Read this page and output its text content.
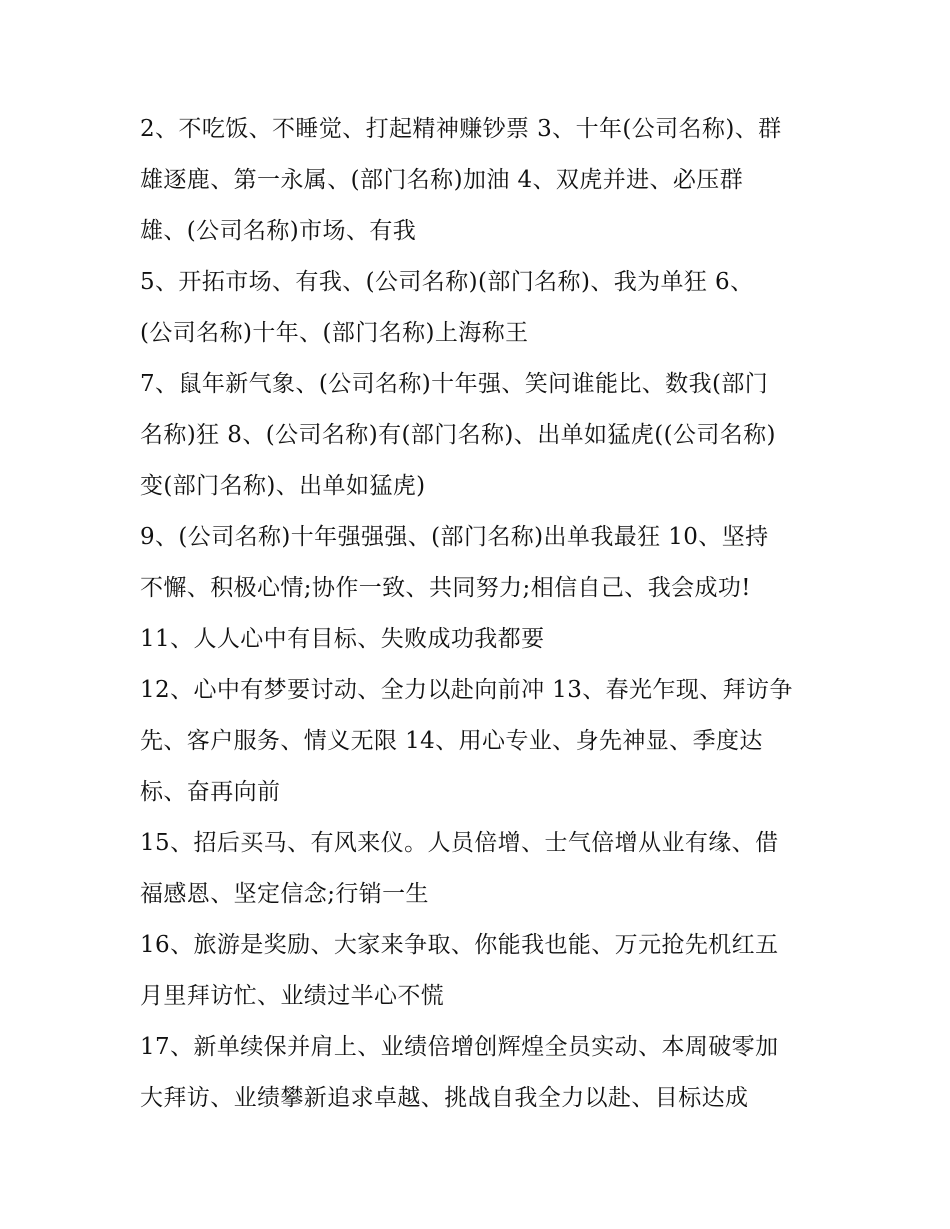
2、不吃饭、不睡觉、打起精神赚钞票 3、十年(公司名称)、群
雄逐鹿、第一永属、(部门名称)加油 4、双虎并进、必压群
雄、(公司名称)市场、有我
5、开拓市场、有我、(公司名称)(部门名称)、我为单狂 6、
(公司名称)十年、(部门名称)上海称王
7、鼠年新气象、(公司名称)十年强、笑问谁能比、数我(部门
名称)狂 8、(公司名称)有(部门名称)、出单如猛虎((公司名称)
变(部门名称)、出单如猛虎)
9、(公司名称)十年强强强、(部门名称)出单我最狂 10、坚持
不懈、积极心情;协作一致、共同努力;相信自己、我会成功!
11、人人心中有目标、失败成功我都要
12、心中有梦要讨动、全力以赴向前冲 13、春光乍现、拜访争
先、客户服务、情义无限 14、用心专业、身先神显、季度达
标、奋再向前
15、招后买马、有风来仪。人员倍增、士气倍增从业有缘、借
福感恩、坚定信念;行销一生
16、旅游是奖励、大家来争取、你能我也能、万元抢先机红五
月里拜访忙、业绩过半心不慌
17、新单续保并肩上、业绩倍增创辉煌全员实动、本周破零加
大拜访、业绩攀新追求卓越、挑战自我全力以赴、目标达成
